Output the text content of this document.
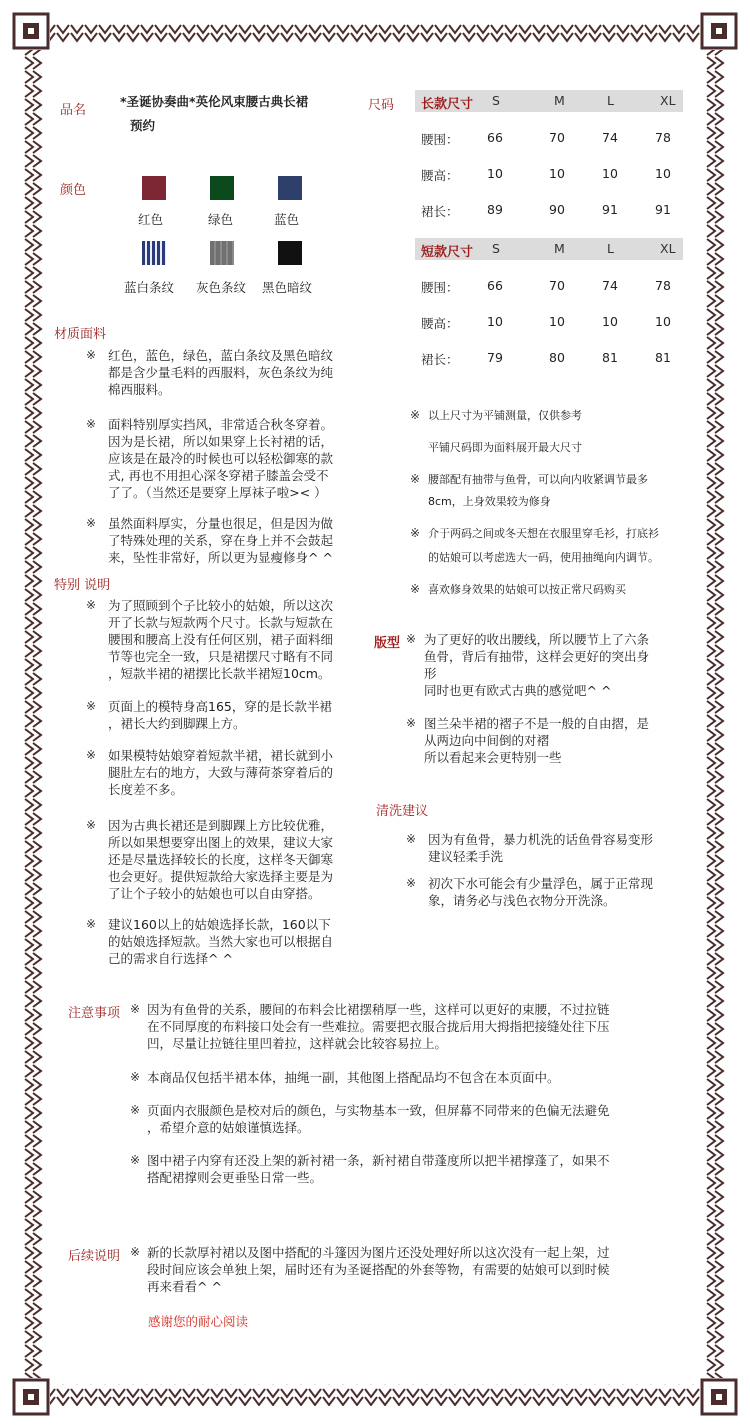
品名
*圣诞协奏曲*英伦风束腰古典长裙
预约
颜色
红色	绿色	蓝色
蓝白条纹 灰色条纹 黑色暗纹
尺码 长款尺寸 S	M	L	XL
腰围： 66	70	74	78
腰高： 10	10	10	10
裙长： 89	90	91	91
短款尺寸 S	M	L	XL
腰围： 66	70	74	78
腰高： 10	10	10	10
裙长： 79	80	81	81
※ 以上尺寸为平铺测量，仅供参考
平铺尺码即为面料展开最大尺寸
※ 腰部配有抽带与鱼骨，可以向内收紧调节最多
8cm，上身效果较为修身
※ 介于两码之间或冬天想在衣服里穿毛衫，打底衫
的姑娘可以考虑选大一码，使用抽绳向内调节。
※ 喜欢修身效果的姑娘可以按正常尺码购买
材质面料
※ 红色，蓝色，绿色，蓝白条纹及黑色暗纹
都是含少量毛料的西服料，灰色条纹为纯
棉西服料。
※ 面料特别厚实挡风，非常适合秋冬穿着。
因为是长裙，所以如果穿上长衬裙的话，
应该是在最冷的时候也可以轻松御寒的款
式, 再也不用担心深冬穿裙子膝盖会受不
了了。（当然还是要穿上厚袜子啦>< ）
※ 虽然面料厚实，分量也很足，但是因为做
了特殊处理的关系，穿在身上并不会鼓起
来，坠性非常好，所以更为显瘦修身^ ^
特别 说明
※ 为了照顾到个子比较小的姑娘，所以这次
开了长款与短款两个尺寸。长款与短款在
腰围和腰高上没有任何区别，裙子面料细
节等也完全一致，只是裙摆尺寸略有不同
，短款半裙的裙摆比长款半裙短10cm。
※ 页面上的模特身高165，穿的是长款半裙
，裙长大约到脚踝上方。
※ 如果模特姑娘穿着短款半裙，裙长就到小
腿肚左右的地方，大致与薄荷茶穿着后的
长度差不多。
※ 因为古典长裙还是到脚踝上方比较优雅，
所以如果想要穿出图上的效果，建议大家
还是尽量选择较长的长度，这样冬天御寒
也会更好。提供短款给大家选择主要是为
了让个子较小的姑娘也可以自由穿搭。
※ 建议160以上的姑娘选择长款，160以下
的姑娘选择短款。当然大家也可以根据自
己的需求自行选择^ ^
版型 ※ 为了更好的收出腰线，所以腰节上了六条
鱼骨，背后有抽带，这样会更好的突出身
形
同时也更有欧式古典的感觉吧^ ^
※ 图兰朵半裙的褶子不是一般的自由摺，是
从两边向中间倒的对褶
所以看起来会更特别一些
清洗建议
※ 因为有鱼骨，暴力机洗的话鱼骨容易变形
建议轻柔手洗
※ 初次下水可能会有少量浮色，属于正常现
象，请务必与浅色衣物分开洗涤。
注意事项 ※ 因为有鱼骨的关系，腰间的布料会比裙摆稍厚一些，这样可以更好的束腰，不过拉链
在不同厚度的布料接口处会有一些难拉。需要把衣服合拢后用大拇指把接缝处往下压
凹，尽量让拉链往里凹着拉，这样就会比较容易拉上。
※ 本商品仅包括半裙本体，抽绳一副，其他图上搭配品均不包含在本页面中。
※ 页面内衣服颜色是校对后的颜色，与实物基本一致，但屏幕不同带来的色偏无法避免
，希望介意的姑娘谨慎选择。
※ 图中裙子内穿有还没上架的新衬裙一条，新衬裙自带蓬度所以把半裙撑蓬了，如果不
搭配裙撑则会更垂坠日常一些。
后续说明 ※ 新的长款厚衬裙以及图中搭配的斗篷因为图片还没处理好所以这次没有一起上架，过
段时间应该会单独上架，届时还有为圣诞搭配的外套等物，有需要的姑娘可以到时候
再来看看^ ^
感谢您的耐心阅读
